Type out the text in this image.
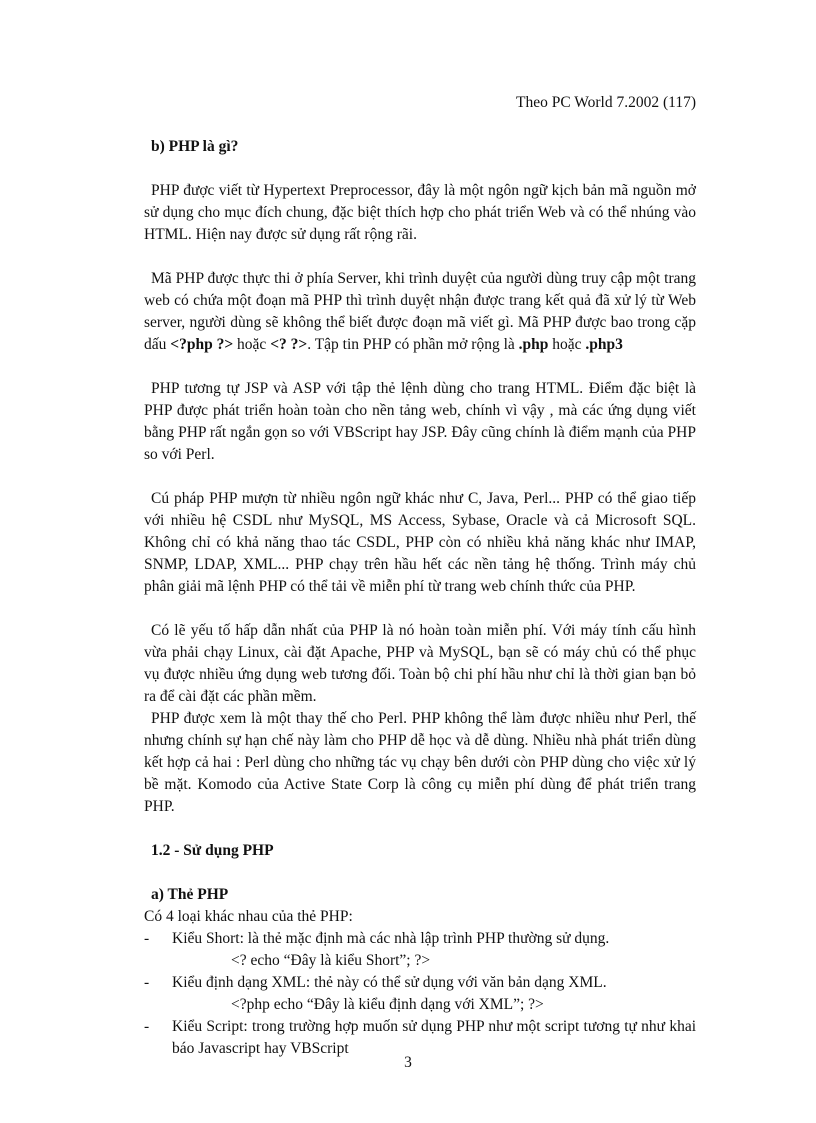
Theo PC World 7.2002 (117)

b) PHP là gì?

PHP được viết từ Hypertext Preprocessor, đây là một ngôn ngữ kịch bản mã nguồn mở sử dụng cho mục đích chung, đặc biệt thích hợp cho phát triển Web và có thể nhúng vào HTML. Hiện nay được sử dụng rất rộng rãi.

Mã PHP được thực thi ở phía Server, khi trình duyệt của người dùng truy cập một trang web có chứa một đoạn mã PHP thì trình duyệt nhận được trang kết quả đã xử lý từ Web server, người dùng sẽ không thể biết được đoạn mã viết gì. Mã PHP được bao trong cặp dấu <?php ?> hoặc <? ?>. Tập tin PHP có phần mở rộng là .php hoặc .php3

PHP tương tự JSP và ASP với tập thẻ lệnh dùng cho trang HTML. Điểm đặc biệt là PHP được phát triển hoàn toàn cho nền tảng web, chính vì vậy , mà các ứng dụng viết bằng PHP rất ngắn gọn so với VBScript hay JSP. Đây cũng chính là điểm mạnh của PHP so với Perl.

Cú pháp PHP mượn từ nhiều ngôn ngữ khác như C, Java, Perl... PHP có thể giao tiếp với nhiều hệ CSDL như MySQL, MS Access, Sybase, Oracle và cả Microsoft SQL. Không chỉ có khả năng thao tác CSDL, PHP còn có nhiều khả năng khác như IMAP, SNMP, LDAP, XML... PHP chạy trên hầu hết các nền tảng hệ thống. Trình máy chủ phân giải mã lệnh PHP có thể tải về miễn phí từ trang web chính thức của PHP.

Có lẽ yếu tố hấp dẫn nhất của PHP là nó hoàn toàn miễn phí. Với máy tính cấu hình vừa phải chạy Linux, cài đặt Apache, PHP và MySQL, bạn sẽ có máy chủ có thể phục vụ được nhiều ứng dụng web tương đối. Toàn bộ chi phí hầu như chỉ là thời gian bạn bỏ ra để cài đặt các phần mềm.

PHP được xem là một thay thế cho Perl. PHP không thể làm được nhiều như Perl, thế nhưng chính sự hạn chế này làm cho PHP dễ học và dễ dùng. Nhiều nhà phát triển dùng kết hợp cả hai : Perl dùng cho những tác vụ chạy bên dưới còn PHP dùng cho việc xử lý bề mặt. Komodo của Active State Corp là công cụ miễn phí dùng để phát triển trang PHP.

1.2 - Sử dụng PHP

a) Thẻ PHP

Có 4 loại khác nhau của thẻ PHP:

-	Kiểu Short: là thẻ mặc định mà các nhà lập trình PHP thường sử dụng.

<? echo “Đây là kiểu Short”; ?>

-	Kiểu định dạng XML: thẻ này có thể sử dụng với văn bản dạng XML.

<?php echo “Đây là kiểu định dạng với XML”; ?>

-	Kiểu Script: trong trường hợp muốn sử dụng PHP như một script tương tự như khai báo Javascript hay VBScript
3
